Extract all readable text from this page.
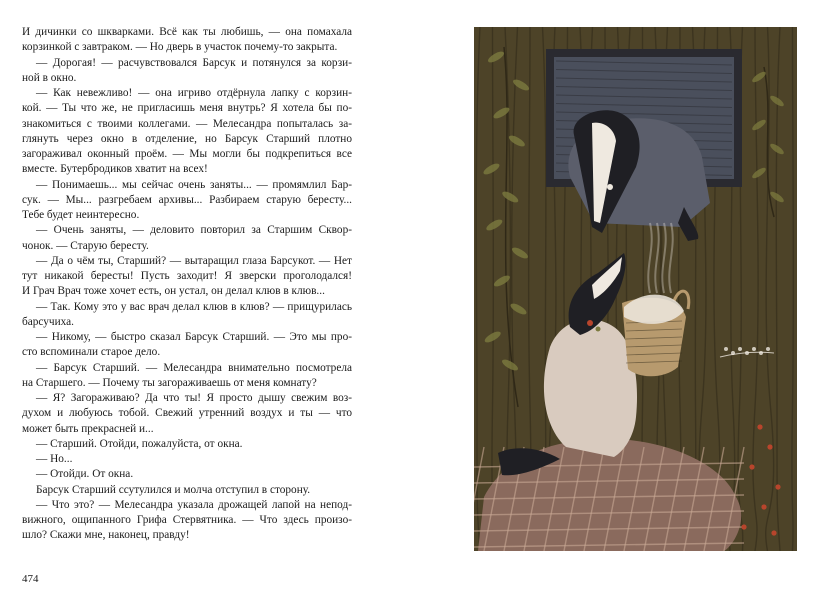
И дичинки со шкварками. Всё как ты любишь, — она помахала
корзинкой с завтраком. — Но дверь в участок почему-то закрыта.
— Дорогая! — расчувствовался Барсук и потянулся за корзи-
ной в окно.
— Как невежливо! — она игриво отдёрнула лапку с корзин-
кой. — Ты что же, не пригласишь меня внутрь? Я хотела бы по-
знакомиться с твоими коллегами. — Мелесандра попыталась за-
глянуть через окно в отделение, но Барсук Старший плотно
загораживал оконный проём. — Мы могли бы подкрепиться все
вместе. Бутербродиков хватит на всех!
— Понимаешь... мы сейчас очень заняты... — промямлил Бар-
сук. — Мы... разгребаем архивы... Разбираем старую бересту...
Тебе будет неинтересно.
— Очень заняты, — деловито повторил за Старшим Сквор-
чонок. — Старую бересту.
— Да о чём ты, Старший? — вытаращил глаза Барсукот. — Нет
тут никакой бересты! Пусть заходит! Я зверски проголодался!
И Грач Врач тоже хочет есть, он устал, он делал клюв в клюв...
— Так. Кому это у вас врач делал клюв в клюв? — прищурилась
барсучиха.
— Никому, — быстро сказал Барсук Старший. — Это мы про-
сто вспоминали старое дело.
— Барсук Старший. — Мелесандра внимательно посмотрела
на Старшего. — Почему ты загораживаешь от меня комнату?
— Я? Загораживаю? Да что ты! Я просто дышу свежим воз-
духом и любуюсь тобой. Свежий утренний воздух и ты — что
может быть прекрасней и...
— Старший. Отойди, пожалуйста, от окна.
— Но...
— Отойди. От окна.
Барсук Старший ссутулился и молча отступил в сторону.
— Что это? — Мелесандра указала дрожащей лапой на непод-
вижного, ощипанного Грифа Стервятника. — Что здесь произо-
шло? Скажи мне, наконец, правду!
474
